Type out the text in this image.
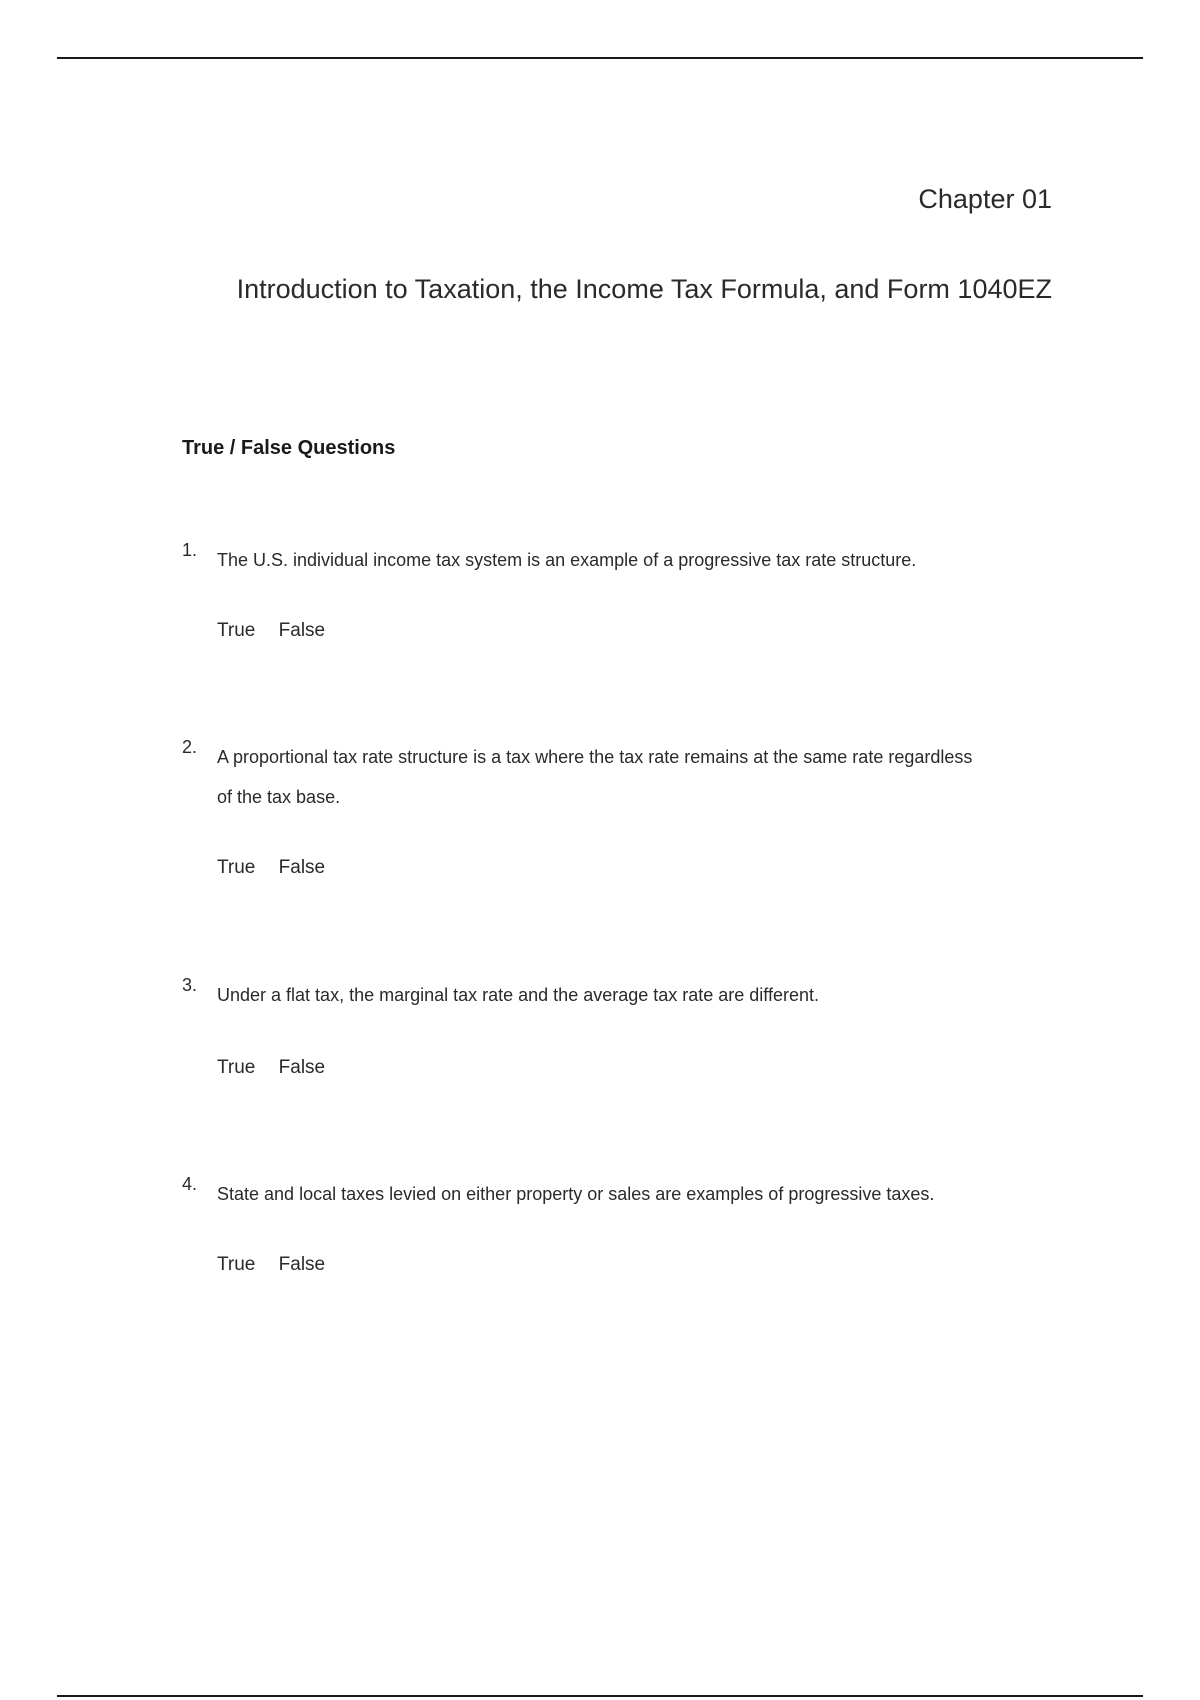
Chapter 01
Introduction to Taxation, the Income Tax Formula, and Form 1040EZ
True / False Questions
1. The U.S. individual income tax system is an example of a progressive tax rate structure.
True False
2. A proportional tax rate structure is a tax where the tax rate remains at the same rate regardless of the tax base.
True False
3. Under a flat tax, the marginal tax rate and the average tax rate are different.
True False
4. State and local taxes levied on either property or sales are examples of progressive taxes.
True False
